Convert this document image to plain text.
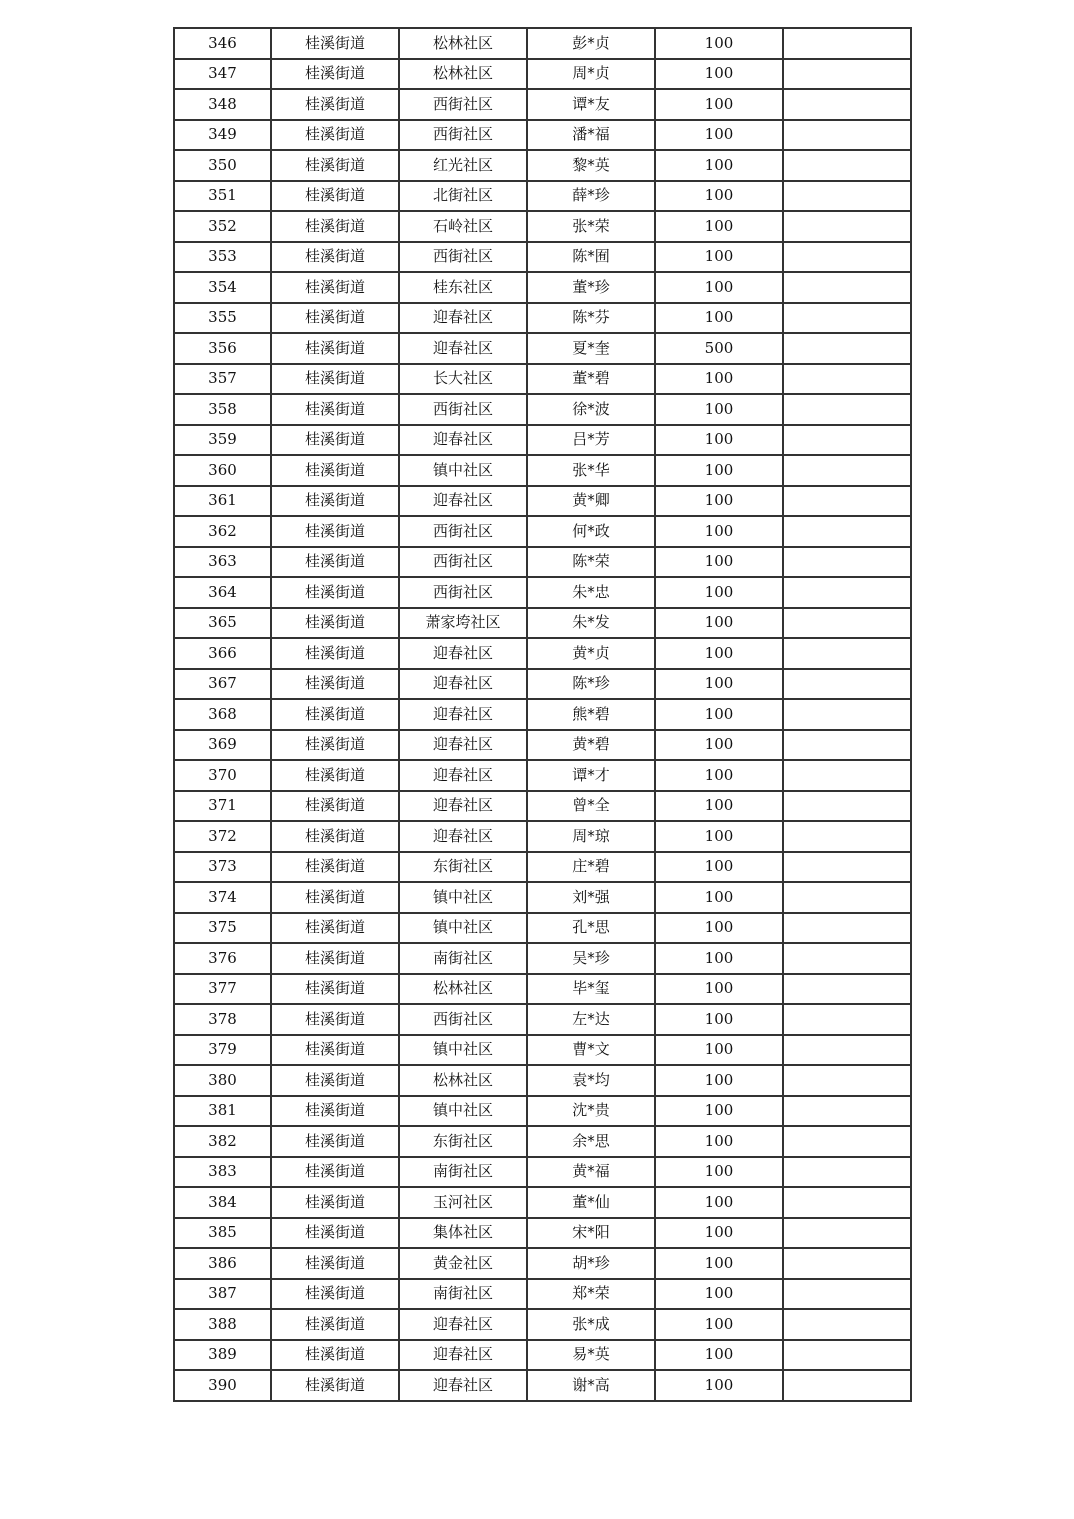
346	桂溪街道	松林社区	彭*贞	100	
347	桂溪街道	松林社区	周*贞	100	
348	桂溪街道	西街社区	谭*友	100	
349	桂溪街道	西街社区	潘*福	100	
350	桂溪街道	红光社区	黎*英	100	
351	桂溪街道	北街社区	薛*珍	100	
352	桂溪街道	石岭社区	张*荣	100	
353	桂溪街道	西街社区	陈*囿	100	
354	桂溪街道	桂东社区	董*珍	100	
355	桂溪街道	迎春社区	陈*芬	100	
356	桂溪街道	迎春社区	夏*奎	500	
357	桂溪街道	长大社区	董*碧	100	
358	桂溪街道	西街社区	徐*波	100	
359	桂溪街道	迎春社区	吕*芳	100	
360	桂溪街道	镇中社区	张*华	100	
361	桂溪街道	迎春社区	黄*卿	100	
362	桂溪街道	西街社区	何*政	100	
363	桂溪街道	西街社区	陈*荣	100	
364	桂溪街道	西街社区	朱*忠	100	
365	桂溪街道	萧家垮社区	朱*发	100	
366	桂溪街道	迎春社区	黄*贞	100	
367	桂溪街道	迎春社区	陈*珍	100	
368	桂溪街道	迎春社区	熊*碧	100	
369	桂溪街道	迎春社区	黄*碧	100	
370	桂溪街道	迎春社区	谭*才	100	
371	桂溪街道	迎春社区	曾*全	100	
372	桂溪街道	迎春社区	周*琼	100	
373	桂溪街道	东街社区	庄*碧	100	
374	桂溪街道	镇中社区	刘*强	100	
375	桂溪街道	镇中社区	孔*思	100	
376	桂溪街道	南街社区	吴*珍	100	
377	桂溪街道	松林社区	毕*玺	100	
378	桂溪街道	西街社区	左*达	100	
379	桂溪街道	镇中社区	曹*文	100	
380	桂溪街道	松林社区	袁*均	100	
381	桂溪街道	镇中社区	沈*贵	100	
382	桂溪街道	东街社区	余*思	100	
383	桂溪街道	南街社区	黄*福	100	
384	桂溪街道	玉河社区	董*仙	100	
385	桂溪街道	集体社区	宋*阳	100	
386	桂溪街道	黄金社区	胡*珍	100	
387	桂溪街道	南街社区	郑*荣	100	
388	桂溪街道	迎春社区	张*成	100	
389	桂溪街道	迎春社区	易*英	100	
390	桂溪街道	迎春社区	谢*高	100	
